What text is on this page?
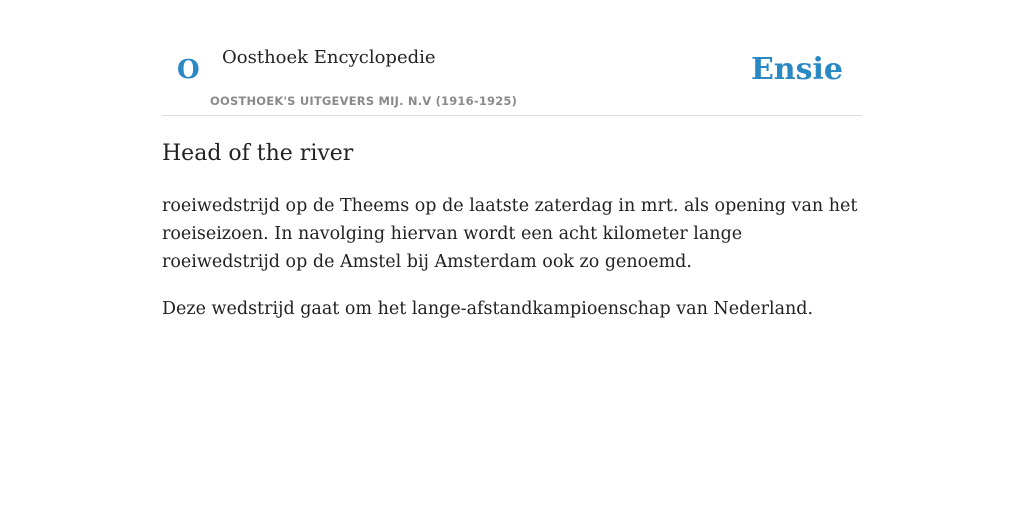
O Oosthoek Encyclopedie
OOSTHOEK'S UITGEVERS MIJ. N.V (1916-1925)
Ensie
Head of the river

roeiwedstrijd op de Theems op de laatste zaterdag in mrt. als opening van het roeiseizoen. In navolging hiervan wordt een acht kilometer lange roeiwedstrijd op de Amstel bij Amsterdam ook zo genoemd.

Deze wedstrijd gaat om het lange-afstandkampioenschap van Nederland.
